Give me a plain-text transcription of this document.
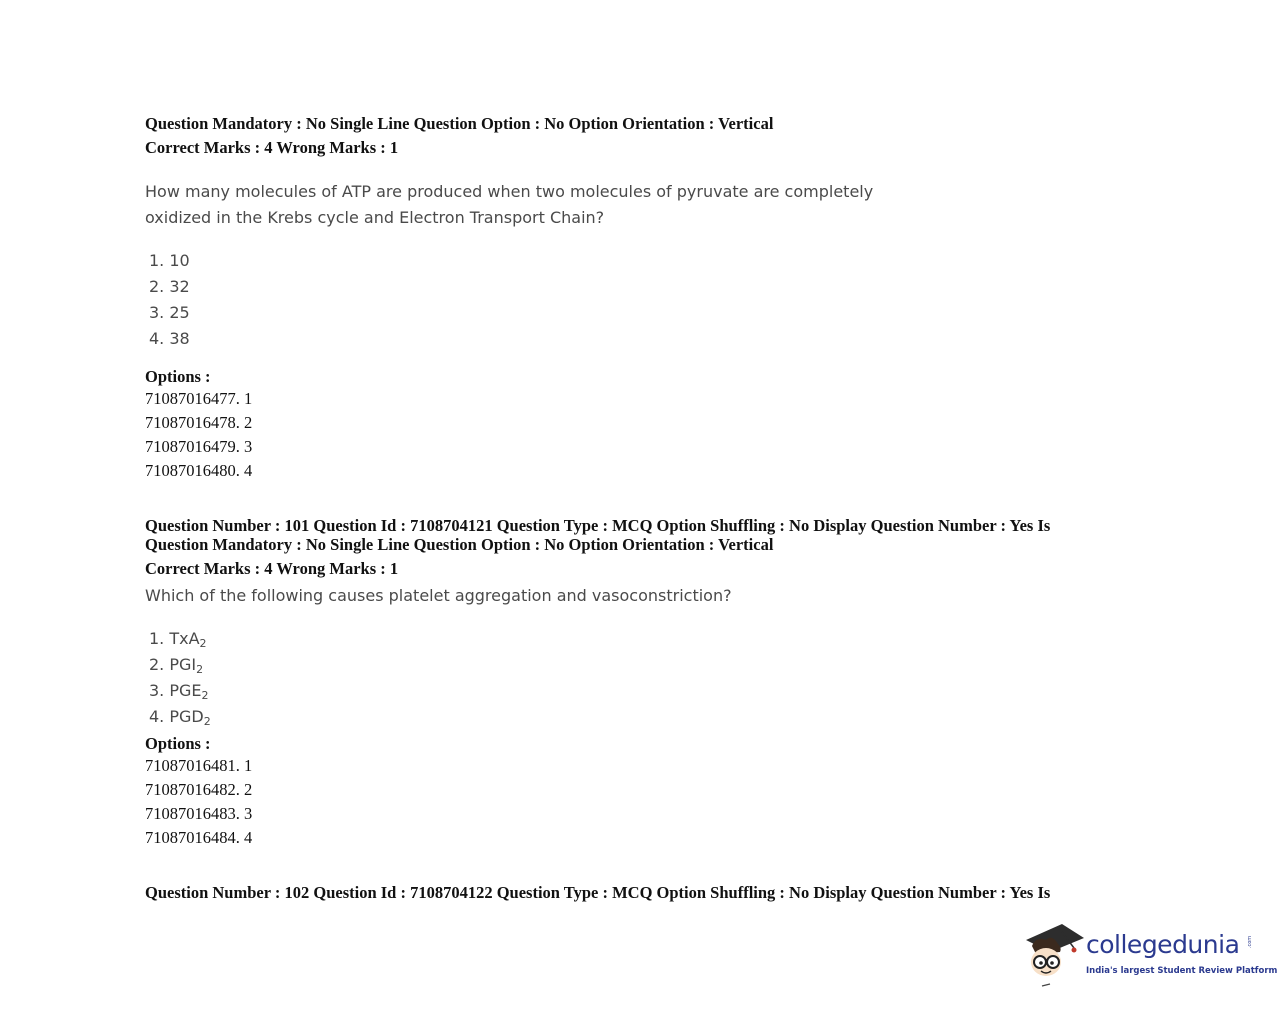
Question Mandatory : No Single Line Question Option : No Option Orientation : Vertical
Correct Marks : 4 Wrong Marks : 1
How many molecules of ATP are produced when two molecules of pyruvate are completely
oxidized in the Krebs cycle and Electron Transport Chain?
1. 10
2. 32
3. 25
4. 38
Options :
71087016477. 1
71087016478. 2
71087016479. 3
71087016480. 4
Question Number : 101 Question Id : 7108704121 Question Type : MCQ Option Shuffling : No Display Question Number : Yes Is
Question Mandatory : No Single Line Question Option : No Option Orientation : Vertical
Correct Marks : 4 Wrong Marks : 1
Which of the following causes platelet aggregation and vasoconstriction?
1. TxA$_2$
2. $PGI_2$
3. $PGE_2$
4. $PGD_2$
Options :
71087016481. 1
71087016482. 2
71087016483. 3
71087016484. 4
Question Number : 102 Question Id : 7108704122 Question Type : MCQ Option Shuffling : No Display Question Number : Yes Is
collegedunia .com
India's largest Student Review Platform
